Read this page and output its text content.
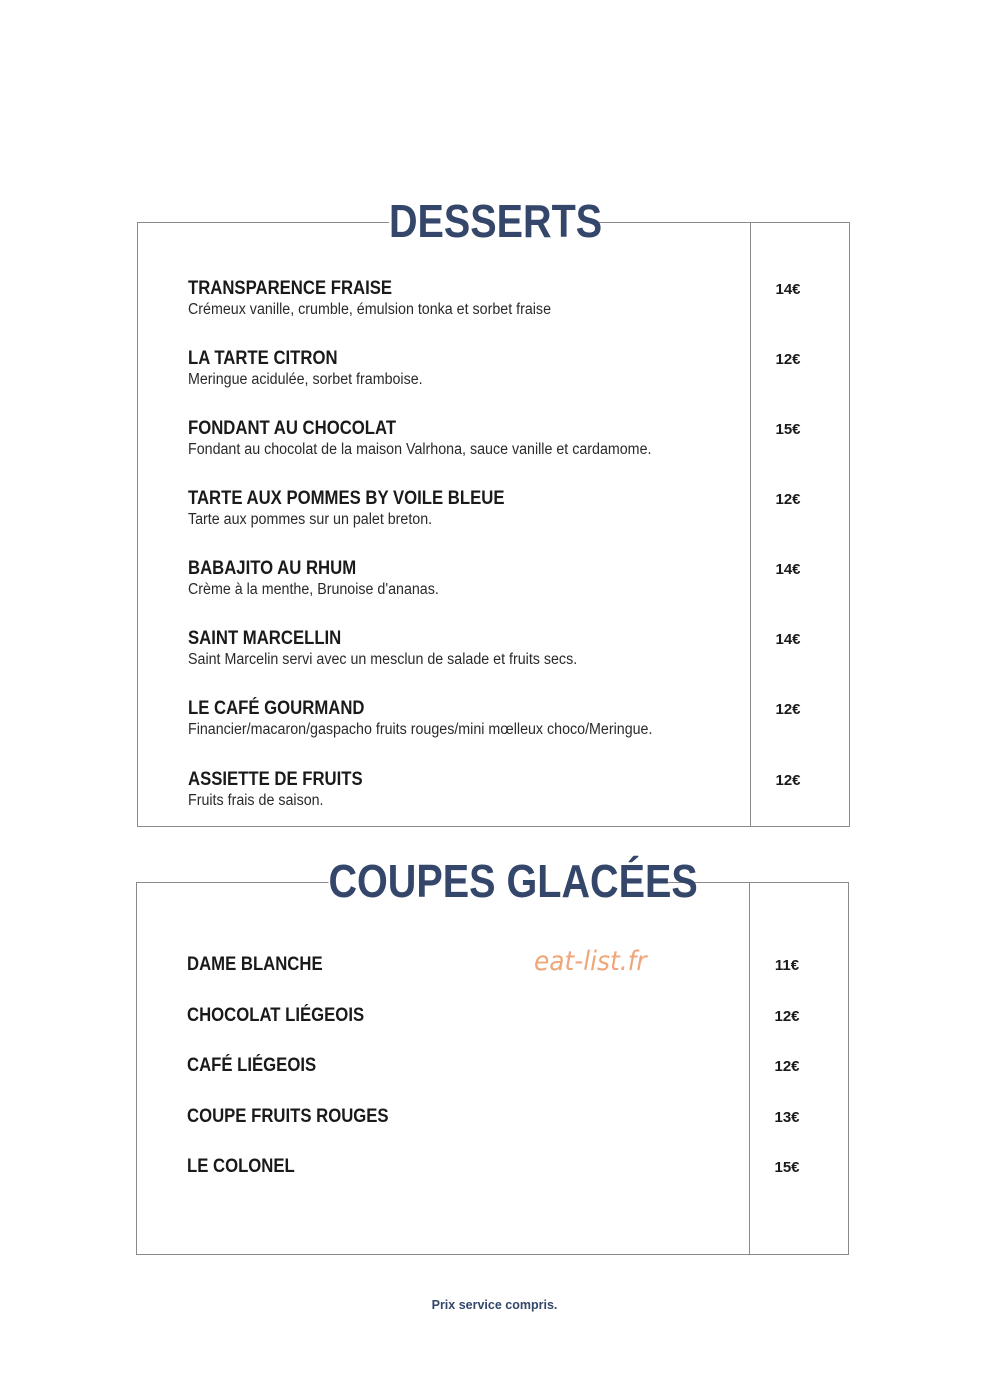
DESSERTS
TRANSPARENCE FRAISE
Crémeux vanille, crumble, émulsion tonka et sorbet fraise
14€
LA TARTE CITRON
Meringue acidulée, sorbet framboise.
12€
FONDANT AU CHOCOLAT
Fondant au chocolat de la maison Valrhona, sauce vanille et cardamome.
15€
TARTE AUX POMMES BY VOILE BLEUE
Tarte aux pommes sur un palet breton.
12€
BABAJITO AU RHUM
Crème à la menthe, Brunoise d'ananas.
14€
SAINT MARCELLIN
Saint Marcelin servi avec un mesclun de salade et fruits secs.
14€
LE CAFÉ GOURMAND
Financier/macaron/gaspacho fruits rouges/mini mœlleux choco/Meringue.
12€
ASSIETTE DE FRUITS
Fruits frais de saison.
12€
COUPES GLACÉES
DAME BLANCHE	11€
CHOCOLAT LIÉGEOIS	12€
CAFÉ LIÉGEOIS	12€
COUPE FRUITS ROUGES	13€
LE COLONEL	15€
eat-list.fr
Prix service compris.
